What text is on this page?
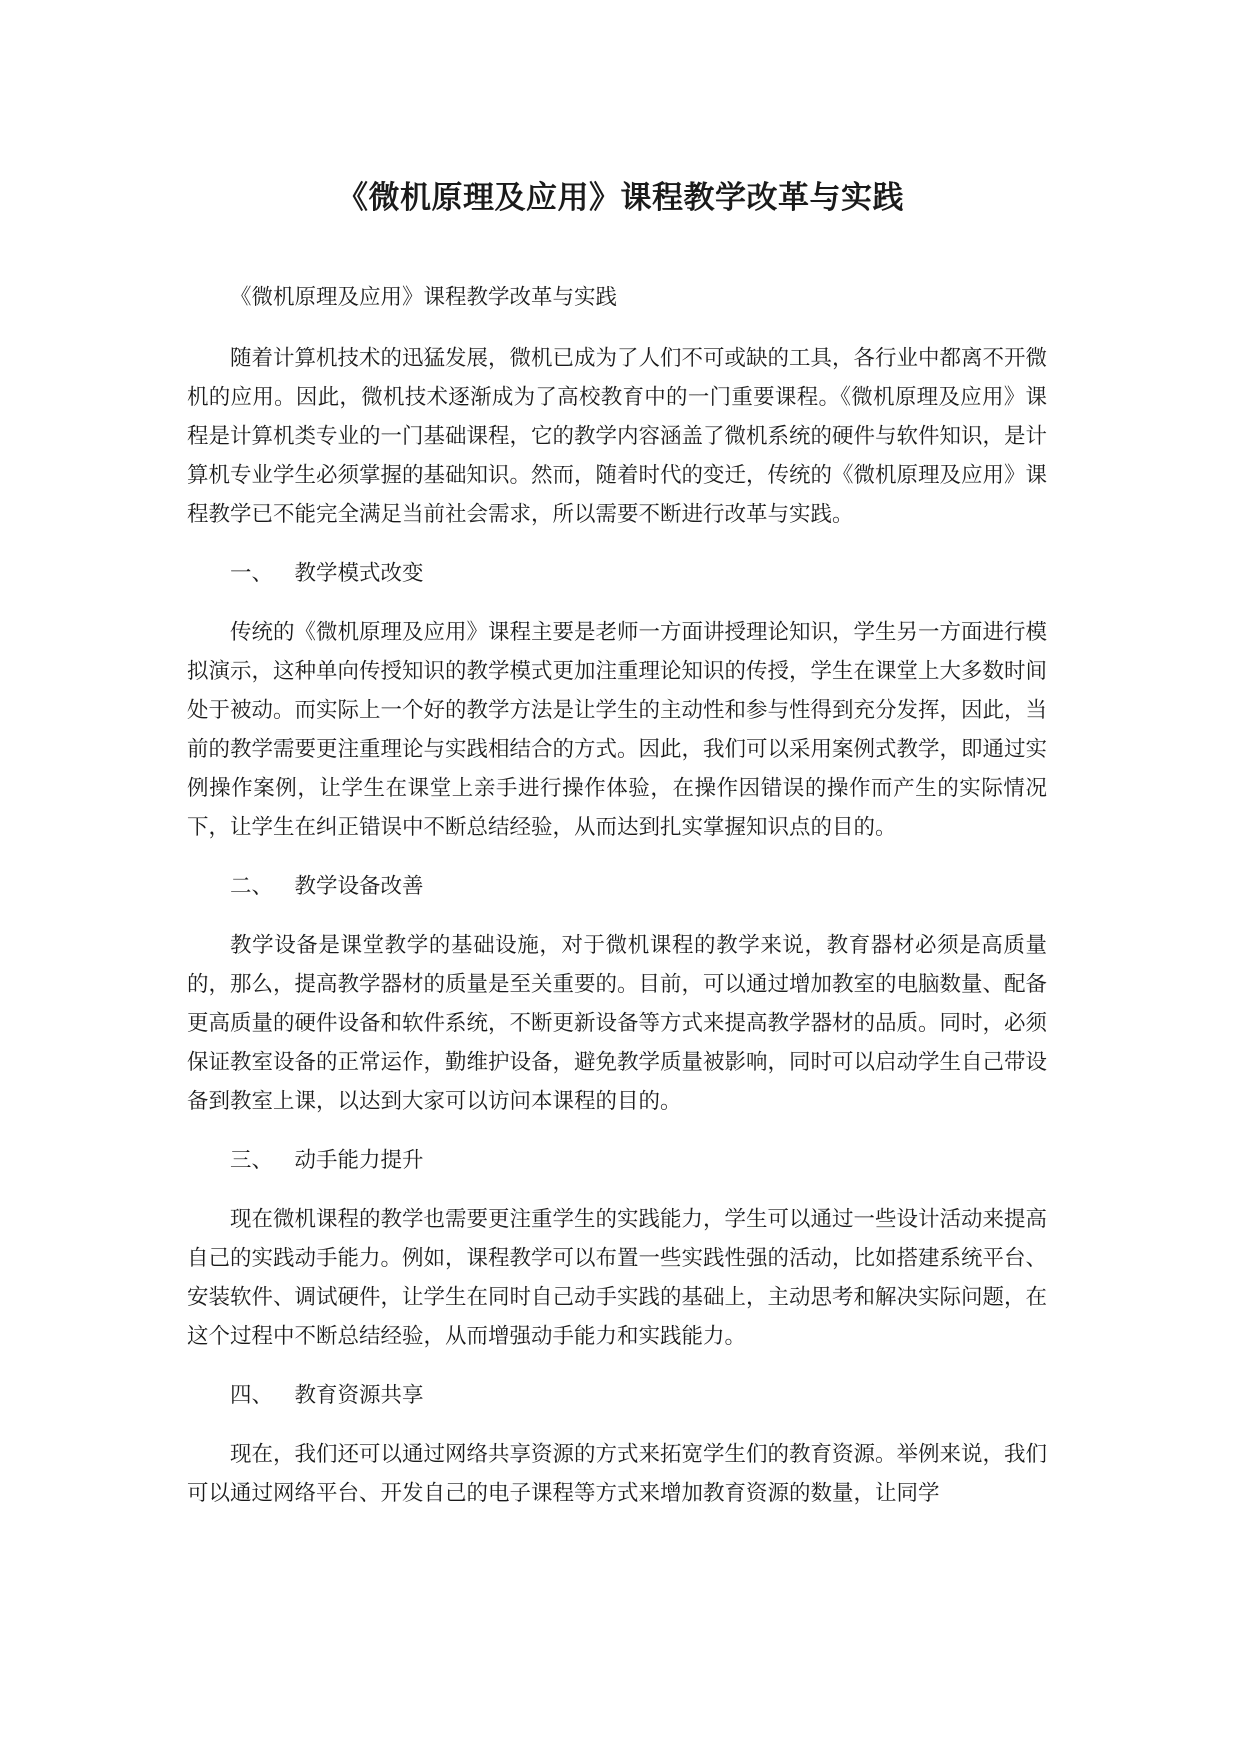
《微机原理及应用》课程教学改革与实践

《微机原理及应用》课程教学改革与实践

随着计算机技术的迅猛发展，微机已成为了人们不可或缺的工具，各行业中都离不开微机的应用。因此，微机技术逐渐成为了高校教育中的一门重要课程。《微机原理及应用》课程是计算机类专业的一门基础课程，它的教学内容涵盖了微机系统的硬件与软件知识，是计算机专业学生必须掌握的基础知识。然而，随着时代的变迁，传统的《微机原理及应用》课程教学已不能完全满足当前社会需求，所以需要不断进行改革与实践。

一、 教学模式改变

传统的《微机原理及应用》课程主要是老师一方面讲授理论知识，学生另一方面进行模拟演示，这种单向传授知识的教学模式更加注重理论知识的传授，学生在课堂上大多数时间处于被动。而实际上一个好的教学方法是让学生的主动性和参与性得到充分发挥，因此，当前的教学需要更注重理论与实践相结合的方式。因此，我们可以采用案例式教学，即通过实例操作案例，让学生在课堂上亲手进行操作体验，在操作因错误的操作而产生的实际情况下，让学生在纠正错误中不断总结经验，从而达到扎实掌握知识点的目的。

二、 教学设备改善

教学设备是课堂教学的基础设施，对于微机课程的教学来说，教育器材必须是高质量的，那么，提高教学器材的质量是至关重要的。目前，可以通过增加教室的电脑数量、配备更高质量的硬件设备和软件系统，不断更新设备等方式来提高教学器材的品质。同时，必须保证教室设备的正常运作，勤维护设备，避免教学质量被影响，同时可以启动学生自己带设备到教室上课，以达到大家可以访问本课程的目的。

三、 动手能力提升

现在微机课程的教学也需要更注重学生的实践能力，学生可以通过一些设计活动来提高自己的实践动手能力。例如，课程教学可以布置一些实践性强的活动，比如搭建系统平台、安装软件、调试硬件，让学生在同时自己动手实践的基础上，主动思考和解决实际问题，在这个过程中不断总结经验，从而增强动手能力和实践能力。

四、 教育资源共享

现在，我们还可以通过网络共享资源的方式来拓宽学生们的教育资源。举例来说，我们可以通过网络平台、开发自己的电子课程等方式来增加教育资源的数量，让同学
